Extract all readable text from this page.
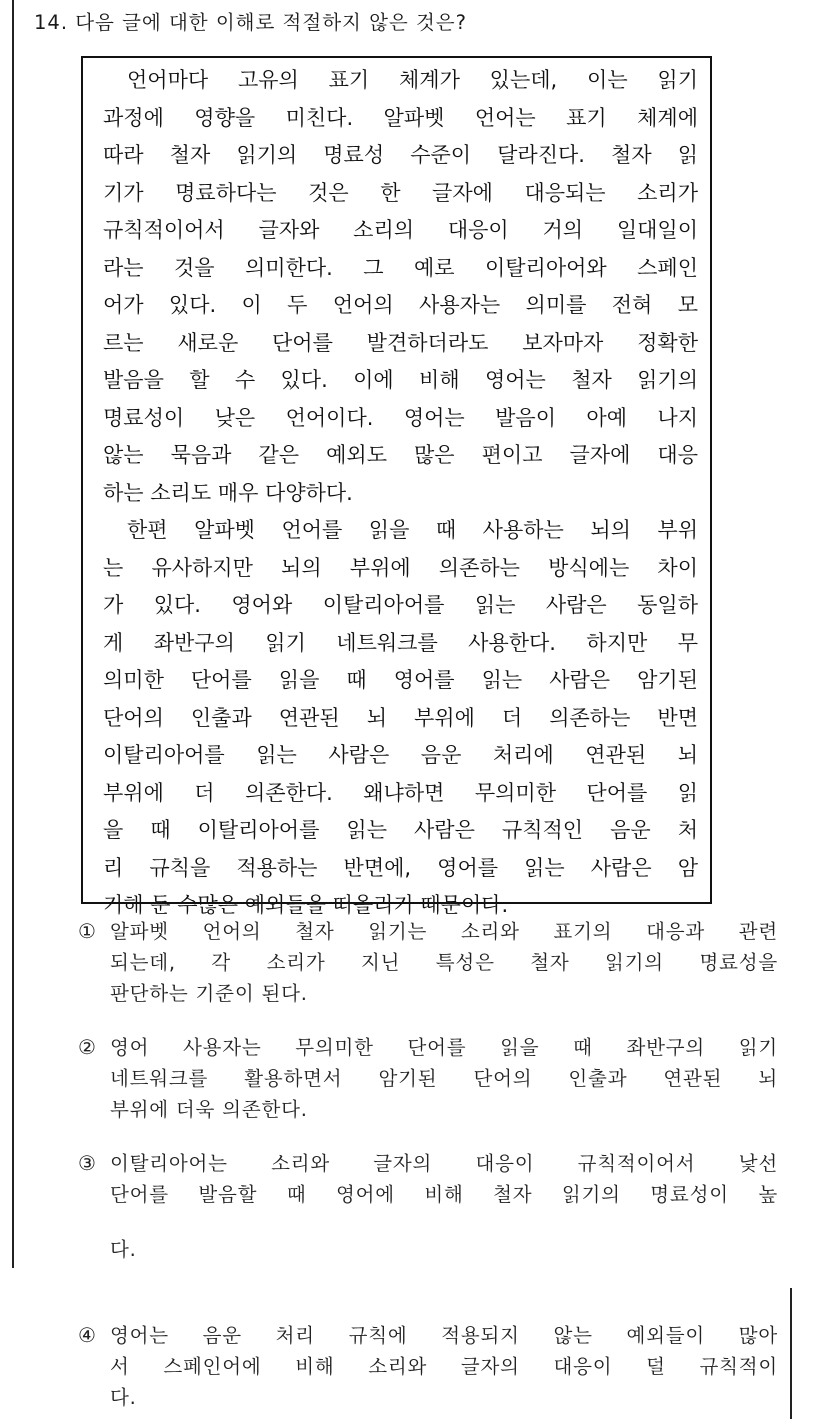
14. 다음 글에 대한 이해로 적절하지 않은 것은?
언어마다 고유의 표기 체계가 있는데, 이는 읽기
과정에 영향을 미친다. 알파벳 언어는 표기 체계에
따라 철자 읽기의 명료성 수준이 달라진다. 철자 읽
기가 명료하다는 것은 한 글자에 대응되는 소리가
규칙적이어서 글자와 소리의 대응이 거의 일대일이
라는 것을 의미한다. 그 예로 이탈리아어와 스페인
어가 있다. 이 두 언어의 사용자는 의미를 전혀 모
르는 새로운 단어를 발견하더라도 보자마자 정확한
발음을 할 수 있다. 이에 비해 영어는 철자 읽기의
명료성이 낮은 언어이다. 영어는 발음이 아예 나지
않는 묵음과 같은 예외도 많은 편이고 글자에 대응
하는 소리도 매우 다양하다.
한편 알파벳 언어를 읽을 때 사용하는 뇌의 부위
는 유사하지만 뇌의 부위에 의존하는 방식에는 차이
가 있다. 영어와 이탈리아어를 읽는 사람은 동일하
게 좌반구의 읽기 네트워크를 사용한다. 하지만 무
의미한 단어를 읽을 때 영어를 읽는 사람은 암기된
단어의 인출과 연관된 뇌 부위에 더 의존하는 반면
이탈리아어를 읽는 사람은 음운 처리에 연관된 뇌
부위에 더 의존한다. 왜냐하면 무의미한 단어를 읽
을 때 이탈리아어를 읽는 사람은 규칙적인 음운 처
리 규칙을 적용하는 반면에, 영어를 읽는 사람은 암
기해 둔 수많은 예외들을 떠올리기 때문이다.
① 알파벳 언어의 철자 읽기는 소리와 표기의 대응과 관련
되는데, 각 소리가 지닌 특성은 철자 읽기의 명료성을
판단하는 기준이 된다.
② 영어 사용자는 무의미한 단어를 읽을 때 좌반구의 읽기
네트워크를 활용하면서 암기된 단어의 인출과 연관된 뇌
부위에 더욱 의존한다.
③ 이탈리아어는 소리와 글자의 대응이 규칙적이어서 낯선
단어를 발음할 때 영어에 비해 철자 읽기의 명료성이 높
다.
④ 영어는 음운 처리 규칙에 적용되지 않는 예외들이 많아
서 스페인어에 비해 소리와 글자의 대응이 덜 규칙적이
다.
